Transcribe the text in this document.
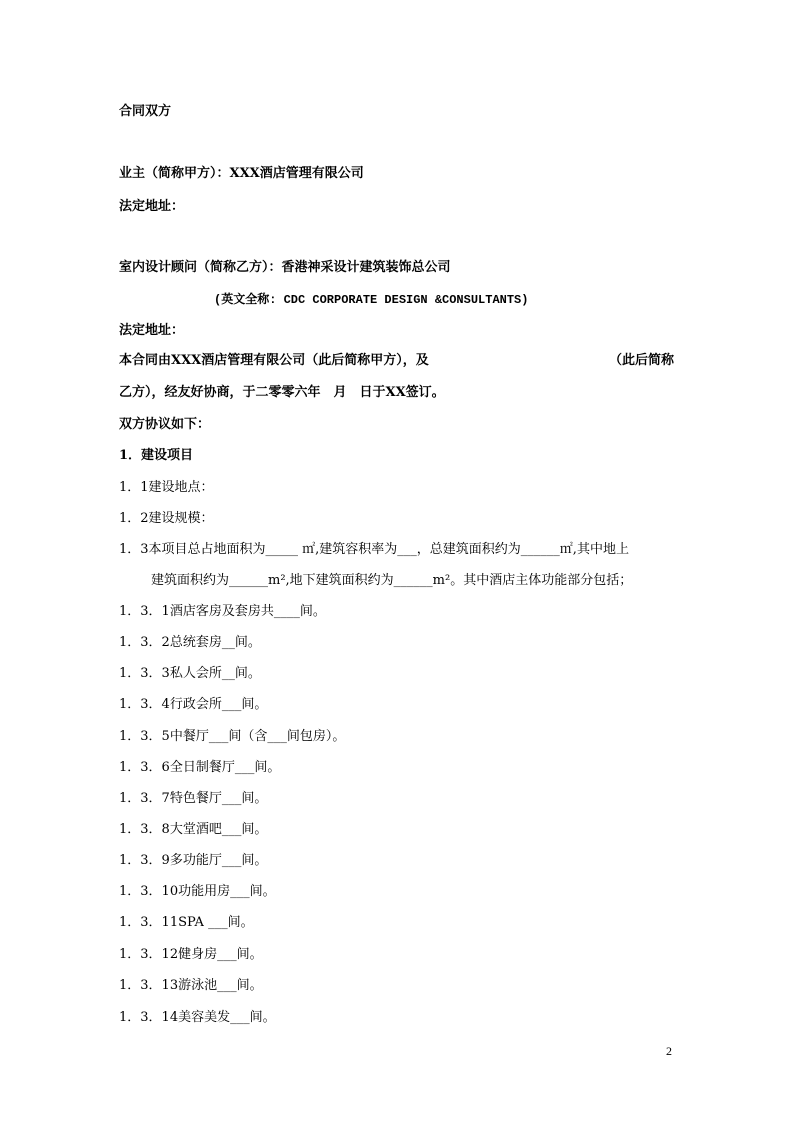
合同双方
业主（简称甲方）：XXX酒店管理有限公司
法定地址：
室内设计顾问（简称乙方）：香港神采设计建筑装饰总公司
(英文全称: CDC CORPORATE DESIGN &CONSULTANTS)
法定地址：
本合同由XXX酒店管理有限公司（此后简称甲方），及	（此后简称
乙方），经友好协商，于二零零六年　月　日于XX签订。
双方协议如下：
1．建设项目
1．1建设地点：
1．2建设规模：
1．3本项目总占地面积为_____ ㎡,建筑容积率为___，总建筑面积约为______㎡,其中地上
建筑面积约为______m²,地下建筑面积约为______m²。其中酒店主体功能部分包括；
1．3．1酒店客房及套房共____间。
1．3．2总统套房__间。
1．3．3私人会所__间。
1．3．4行政会所___间。
1．3．5中餐厅___间（含___间包房）。
1．3．6全日制餐厅___间。
1．3．7特色餐厅___间。
1．3．8大堂酒吧___间。
1．3．9多功能厅___间。
1．3．10功能用房___间。
1．3．11SPA ___间。
1．3．12健身房___间。
1．3．13游泳池___间。
1．3．14美容美发___间。
2
